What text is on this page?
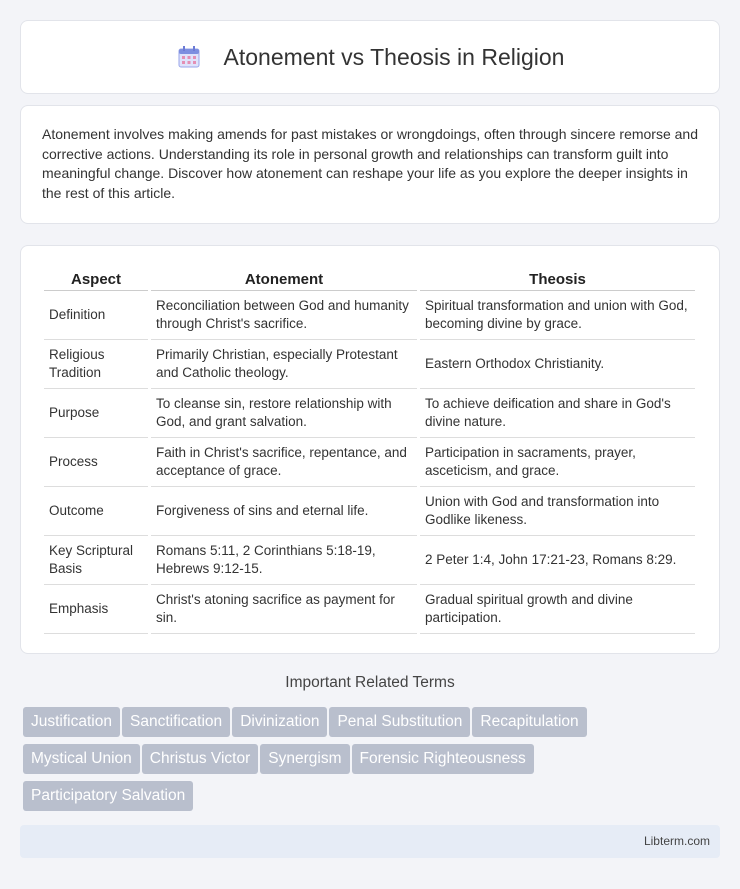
Atonement vs Theosis in Religion

Atonement involves making amends for past mistakes or wrongdoings, often through sincere remorse and corrective actions. Understanding its role in personal growth and relationships can transform guilt into meaningful change. Discover how atonement can reshape your life as you explore the deeper insights in the rest of this article.

Aspect	Atonement	Theosis
Definition	Reconciliation between God and humanity through Christ's sacrifice.	Spiritual transformation and union with God, becoming divine by grace.
Religious Tradition	Primarily Christian, especially Protestant and Catholic theology.	Eastern Orthodox Christianity.
Purpose	To cleanse sin, restore relationship with God, and grant salvation.	To achieve deification and share in God's divine nature.
Process	Faith in Christ's sacrifice, repentance, and acceptance of grace.	Participation in sacraments, prayer, asceticism, and grace.
Outcome	Forgiveness of sins and eternal life.	Union with God and transformation into Godlike likeness.
Key Scriptural Basis	Romans 5:11, 2 Corinthians 5:18-19, Hebrews 9:12-15.	2 Peter 1:4, John 17:21-23, Romans 8:29.
Emphasis	Christ's atoning sacrifice as payment for sin.	Gradual spiritual growth and divine participation.
Important Related Terms
Justification Sanctification Divinization Penal Substitution Recapitulation
Mystical Union Christus Victor Synergism Forensic Righteousness
Participatory Salvation
Libterm.com
